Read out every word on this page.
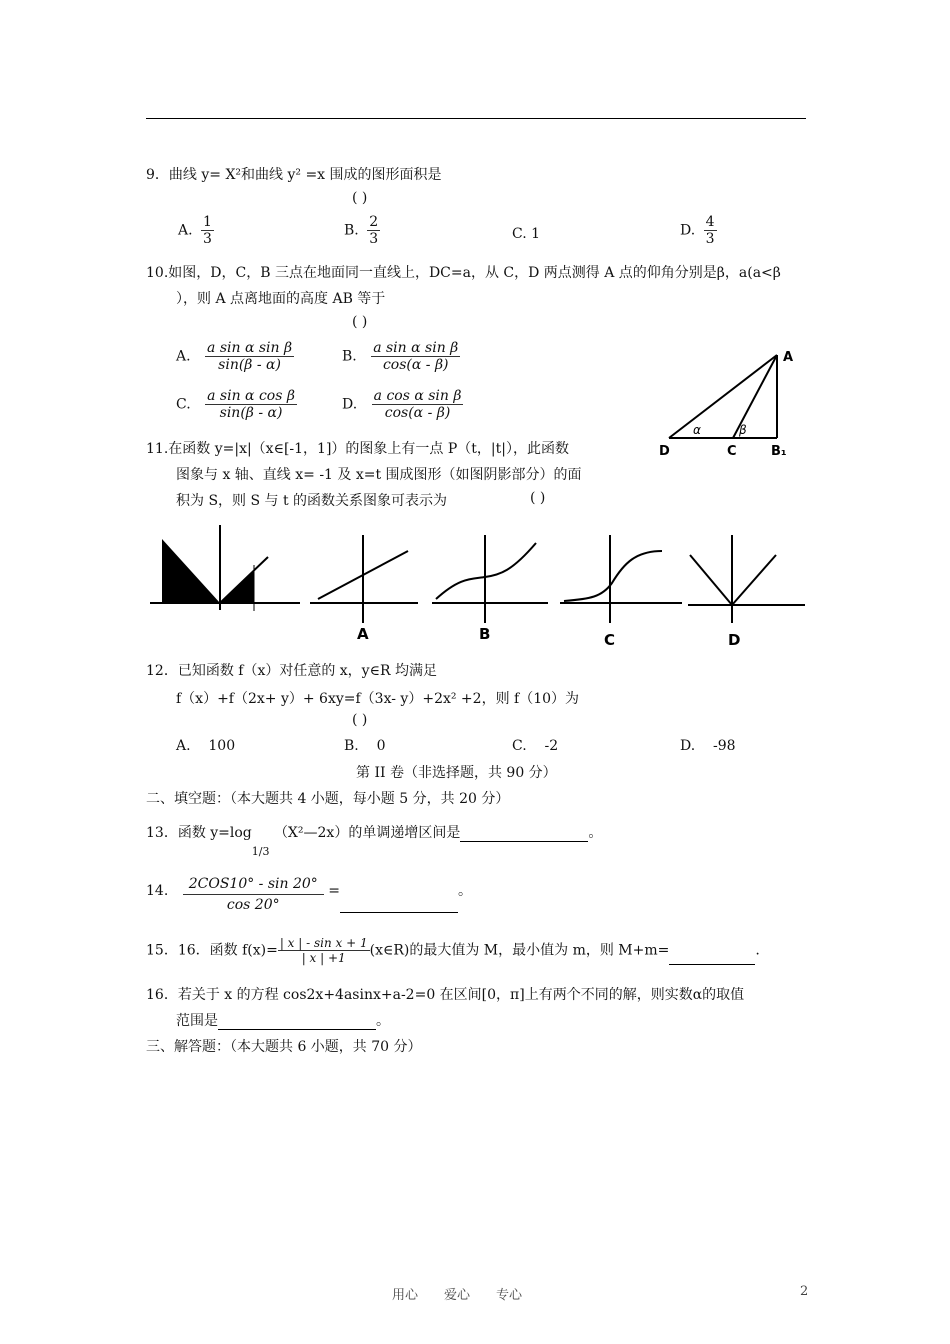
9．曲线 y= X²和曲线 y² =x 围成的图形面积是
( )
A. $\frac{1}{3}$	B. $\frac{2}{3}$	C. 1	D. $\frac{4}{3}$
10.如图，D，C，B 三点在地面同一直线上，DC=a，从 C，D 两点测得 A 点的仰角分别是β，a(a<β
），则 A 点离地面的高度 AB 等于
( )
A. $\frac{\text{a sin α sin β}}{\sin(\beta - \alpha)}$	B. $\frac{\text{a sin α sin β}}{\cos(\alpha - \beta)}$
C. $\frac{\text{a sin α cos β}}{\sin(\beta - \alpha)}$	D. $\frac{\text{a cos α sin β}}{\cos(\alpha - \beta)}$
A
D	C	B₁
α	β
11.在函数 y=|x|（x∈[-1，1]）的图象上有一点 P（t，|t|），此函数
图象与 x 轴、直线 x= -1 及 x=t 围成图形（如图阴影部分）的面
积为 S，则 S 与 t 的函数关系图象可表示为	( )
A	B	C	D
12．已知函数 f（x）对任意的 x，y∈R 均满足
f（x）+f（2x+ y）+ 6xy=f（3x- y）+2x² +2，则 f（10）为
( )
A. 100	B. 0	C. -2	D. -98
第 II 卷（非选择题，共 90 分）
二、填空题：（本大题共 4 小题，每小题 5 分，共 20 分）
13．函数 $y=\log_{1/3}$ （X²—2x）的单调递增区间是	。
14. $\frac{\text{2COS10° - sin 20°}}{\cos 20^\circ}$ =	。
15．16．函数 $f(x)= \frac{\text{| x | - sin x + 1}}{| x | +1}$ (x∈R)的最大值为 M，最小值为 m，则 M+m=	.
16．若关于 x 的方程 cos2x+4asinx+a-2=0 在区间[0，π]上有两个不同的解，则实数α的取值
范围是	。
三、解答题：（本大题共 6 小题，共 70 分）
用心　　爱心　　专心	2
